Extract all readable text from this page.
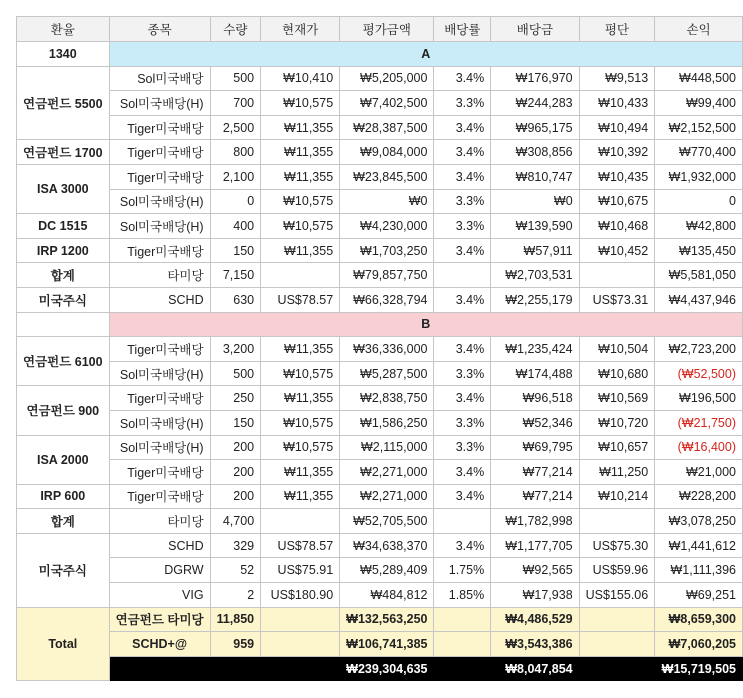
환율	종목	수량	현재가	평가금액	배당률	배당금	평단	손익
1340	A							
연금펀드 5500	Sol미국배당	500	₩10,410	₩5,205,000	3.4%	₩176,970	₩9,513	₩448,500
	Sol미국배당(H)	700	₩10,575	₩7,402,500	3.3%	₩244,283	₩10,433	₩99,400
	Tiger미국배당	2,500	₩11,355	₩28,387,500	3.4%	₩965,175	₩10,494	₩2,152,500
연금펀드 1700	Tiger미국배당	800	₩11,355	₩9,084,000	3.4%	₩308,856	₩10,392	₩770,400
ISA 3000	Tiger미국배당	2,100	₩11,355	₩23,845,500	3.4%	₩810,747	₩10,435	₩1,932,000
	Sol미국배당(H)	0	₩10,575	₩0	3.3%	₩0	₩10,675	0
DC 1515	Sol미국배당(H)	400	₩10,575	₩4,230,000	3.3%	₩139,590	₩10,468	₩42,800
IRP 1200	Tiger미국배당	150	₩11,355	₩1,703,250	3.4%	₩57,911	₩10,452	₩135,450
합계	타미당	7,150		₩79,857,750		₩2,703,531		₩5,581,050
미국주식	SCHD	630	US$78.57	₩66,328,794	3.4%	₩2,255,179	US$73.31	₩4,437,946
	B							
연금펀드 6100	Tiger미국배당	3,200	₩11,355	₩36,336,000	3.4%	₩1,235,424	₩10,504	₩2,723,200
	Sol미국배당(H)	500	₩10,575	₩5,287,500	3.3%	₩174,488	₩10,680	(₩52,500)
연금펀드 900	Tiger미국배당	250	₩11,355	₩2,838,750	3.4%	₩96,518	₩10,569	₩196,500
	Sol미국배당(H)	150	₩10,575	₩1,586,250	3.3%	₩52,346	₩10,720	(₩21,750)
ISA 2000	Sol미국배당(H)	200	₩10,575	₩2,115,000	3.3%	₩69,795	₩10,657	(₩16,400)
	Tiger미국배당	200	₩11,355	₩2,271,000	3.4%	₩77,214	₩11,250	₩21,000
IRP 600	Tiger미국배당	200	₩11,355	₩2,271,000	3.4%	₩77,214	₩10,214	₩228,200
합계	타미당	4,700		₩52,705,500		₩1,782,998		₩3,078,250
미국주식	SCHD	329	US$78.57	₩34,638,370	3.4%	₩1,177,705	US$75.30	₩1,441,612
	DGRW	52	US$75.91	₩5,289,409	1.75%	₩92,565	US$59.96	₩1,111,396
	VIG	2	US$180.90	₩484,812	1.85%	₩17,938	US$155.06	₩69,251
Total	연금펀드 타미당	11,850		₩132,563,250		₩4,486,529		₩8,659,300
	SCHD+@	959		₩106,741,385		₩3,543,386		₩7,060,205
				₩239,304,635		₩8,047,854		₩15,719,505
